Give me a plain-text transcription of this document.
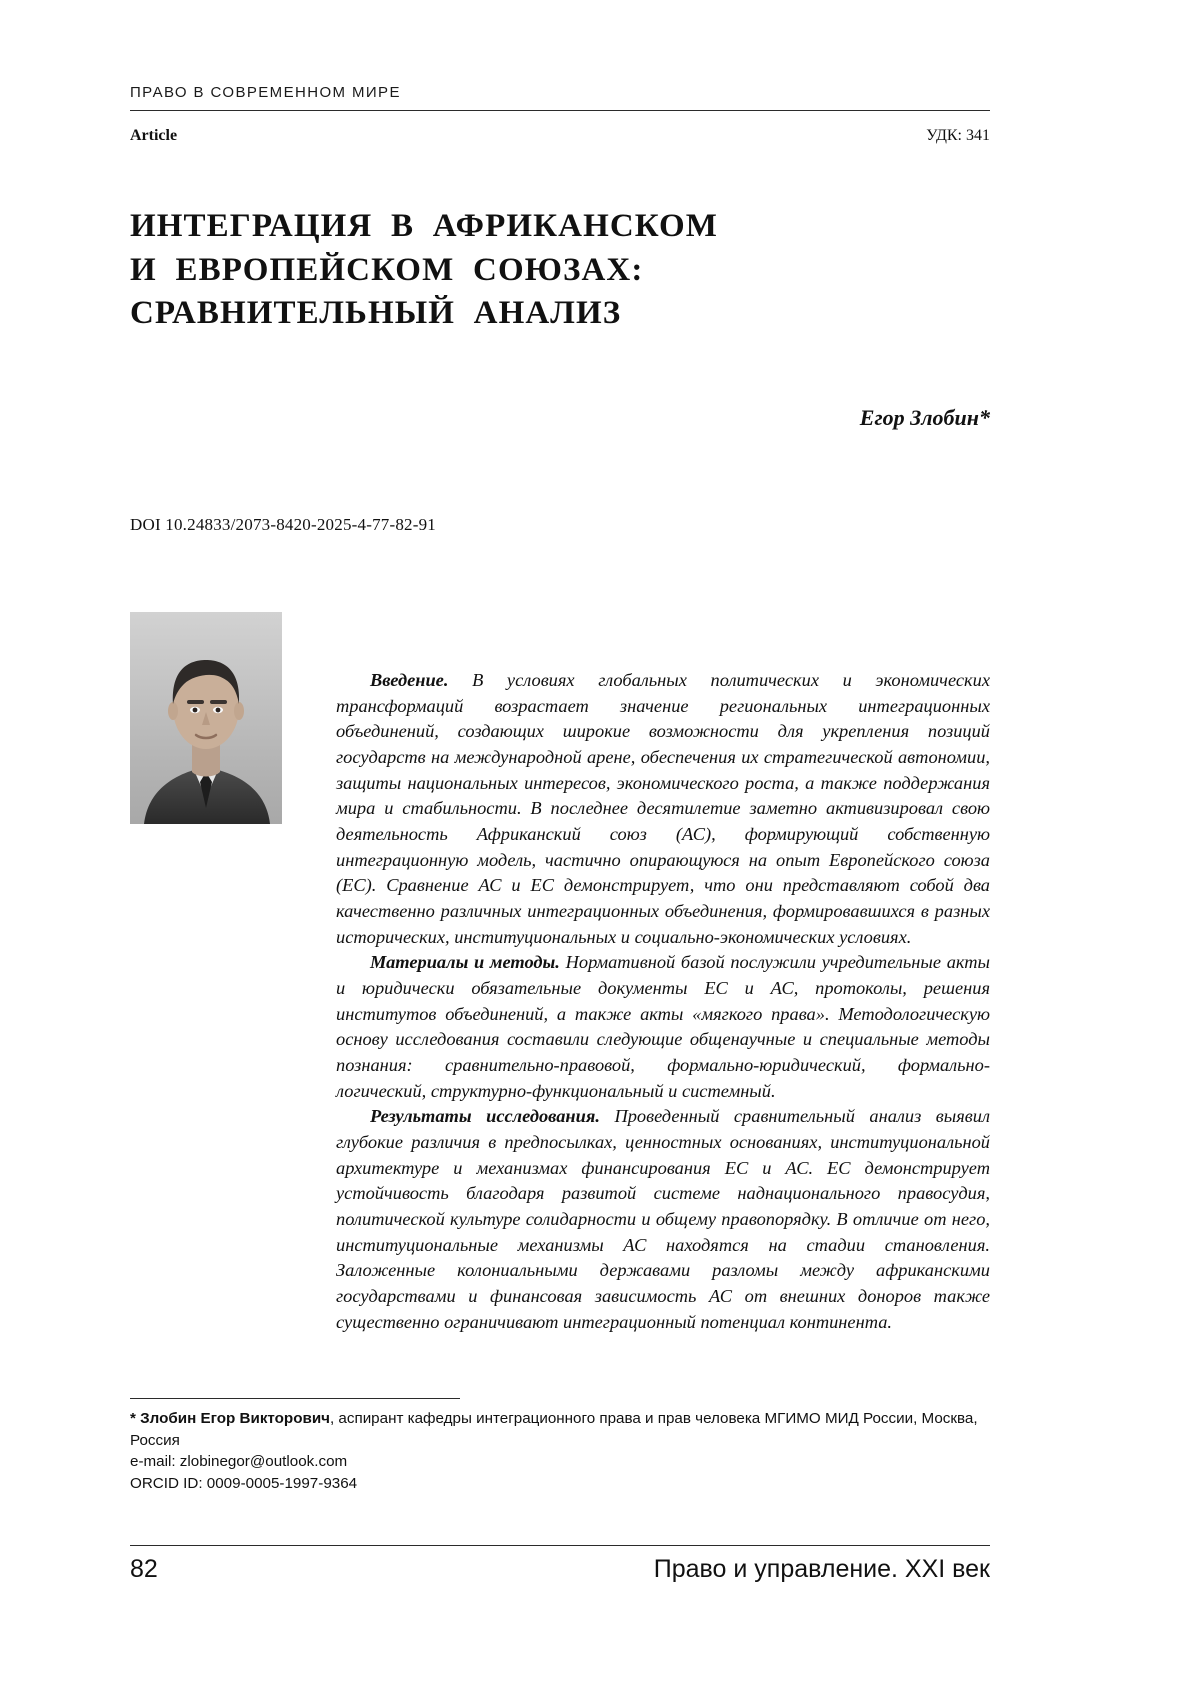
ПРАВО В СОВРЕМЕННОМ МИРЕ
Article	УДК: 341
ИНТЕГРАЦИЯ  В  АФРИКАНСКОМ
И  ЕВРОПЕЙСКОМ  СОЮЗАХ:
СРАВНИТЕЛЬНЫЙ  АНАЛИЗ
Егор Злобин*
DOI 10.24833/2073-8420-2025-4-77-82-91

Введение. В условиях глобальных политических и экономических трансформаций возрастает значение региональных интеграционных объединений, создающих широкие возможности для укрепления позиций государств на международной арене, обеспечения их стратегической автономии, защиты национальных интересов, экономического роста, а также поддержания мира и стабильности. В последнее десятилетие заметно активизировал свою деятельность Африканский союз (АС), формирующий собственную интеграционную модель, частично опирающуюся на опыт Европейского союза (ЕС). Сравнение АС и ЕС демонстрирует, что они представляют собой два качественно различных интеграционных объединения, формировавшихся в разных исторических, институциональных и социально-экономических условиях.

Материалы и методы. Нормативной базой послужили учредительные акты и юридически обязательные документы ЕС и АС, протоколы, решения институтов объединений, а также акты «мягкого права». Методологическую основу исследования составили следующие общенаучные и специальные методы познания: сравнительно-правовой, формально-юридический, формально-логический, структурно-функциональный и системный.

Результаты исследования. Проведенный сравнительный анализ выявил глубокие различия в предпосылках, ценностных основаниях, институциональной архитектуре и механизмах финансирования ЕС и АС. ЕС демонстрирует устойчивость благодаря развитой системе наднационального правосудия, политической культуре солидарности и общему правопорядку. В отличие от него, институциональные механизмы АС находятся на стадии становления. Заложенные колониальными державами разломы между африканскими государствами и финансовая зависимость АС от внешних доноров также существенно ограничивают интеграционный потенциал континента.

* Злобин Егор Викторович, аспирант кафедры интеграционного права и прав человека МГИМО МИД России, Москва, Россия
e-mail: zlobinegor@outlook.com
ORCID ID: 0009-0005-1997-9364
82	Право и управление. XXI век
